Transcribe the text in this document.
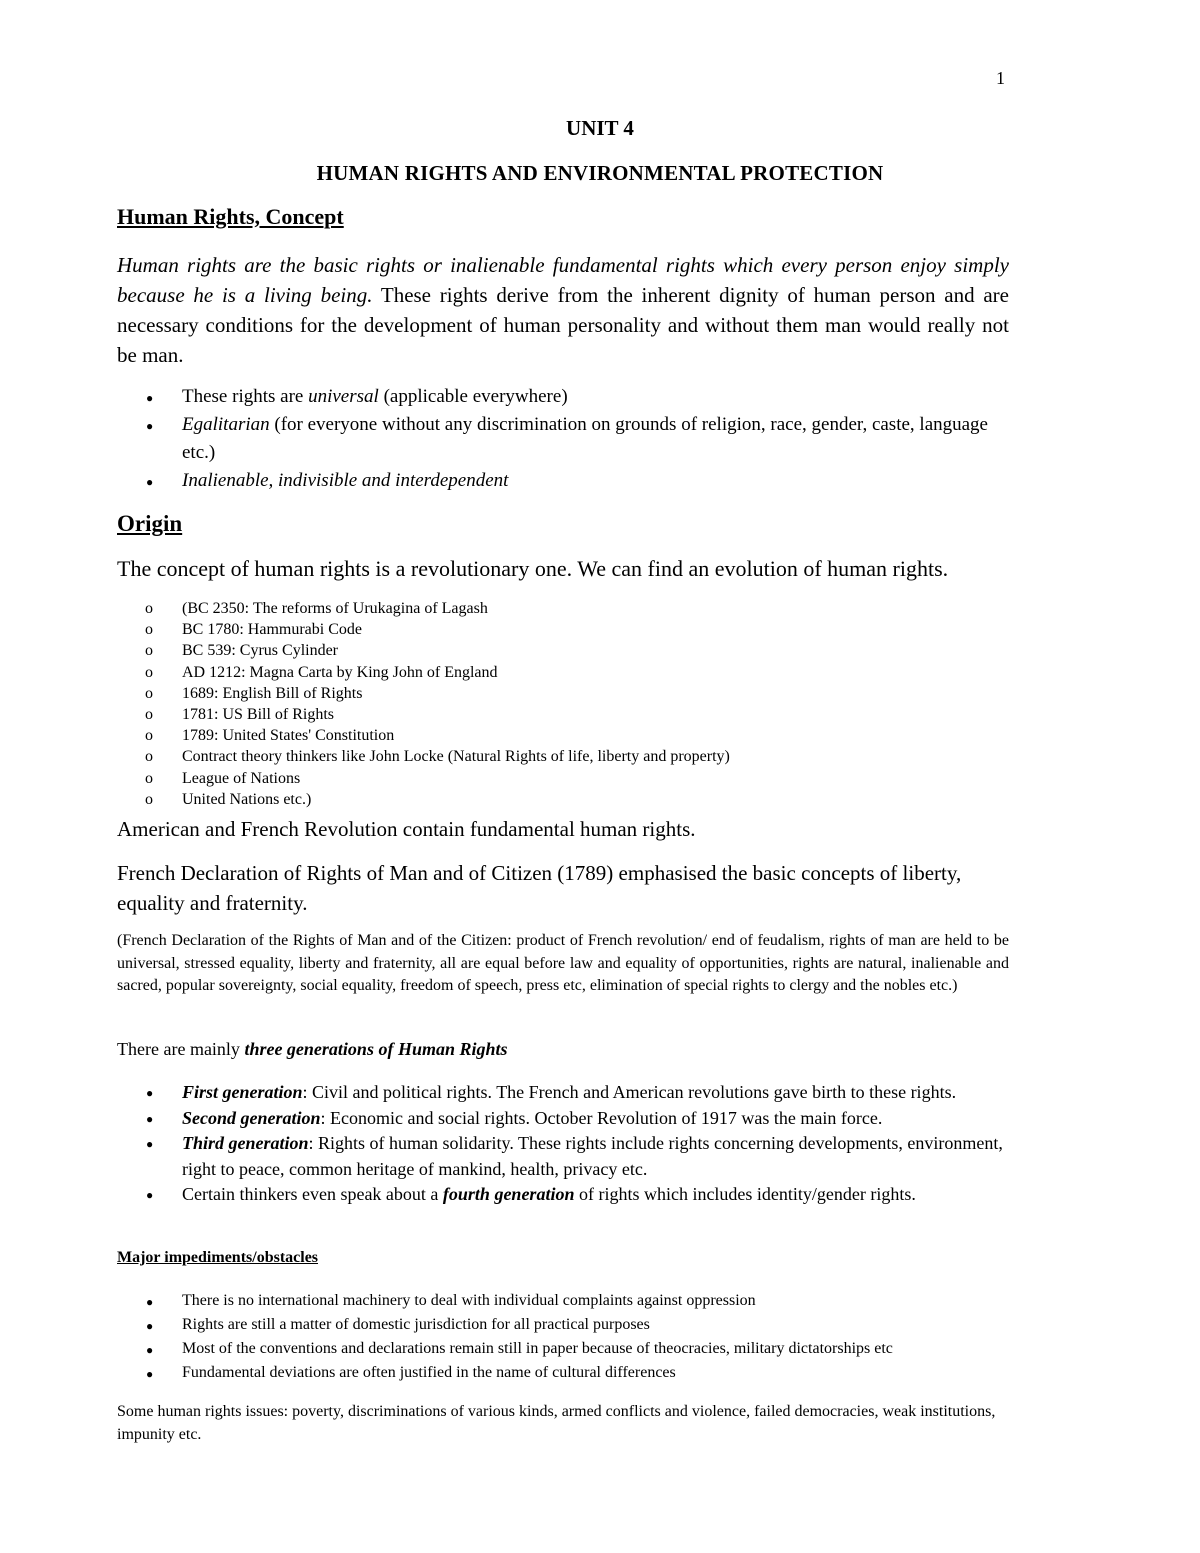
1
UNIT 4
HUMAN RIGHTS AND ENVIRONMENTAL PROTECTION
Human Rights, Concept

Human rights are the basic rights or inalienable fundamental rights which every person enjoy simply because he is a living being. These rights derive from the inherent dignity of human person and are necessary conditions for the development of human personality and without them man would really not be man.

● These rights are universal (applicable everywhere)
● Egalitarian (for everyone without any discrimination on grounds of religion, race, gender, caste, language etc.)
● Inalienable, indivisible and interdependent
Origin
The concept of human rights is a revolutionary one. We can find an evolution of human rights.
o (BC 2350: The reforms of Urukagina of Lagash
o BC 1780: Hammurabi Code
o BC 539: Cyrus Cylinder
o AD 1212: Magna Carta by King John of England
o 1689: English Bill of Rights
o 1781: US Bill of Rights
o 1789: United States' Constitution
o Contract theory thinkers like John Locke (Natural Rights of life, liberty and property)
o League of Nations
o United Nations etc.)

American and French Revolution contain fundamental human rights.

French Declaration of Rights of Man and of Citizen (1789) emphasised the basic concepts of liberty, equality and fraternity.

(French Declaration of the Rights of Man and of the Citizen: product of French revolution/ end of feudalism, rights of man are held to be universal, stressed equality, liberty and fraternity, all are equal before law and equality of opportunities, rights are natural, inalienable and sacred, popular sovereignty, social equality, freedom of speech, press etc, elimination of special rights to clergy and the nobles etc.)

There are mainly three generations of Human Rights

● First generation: Civil and political rights. The French and American revolutions gave birth to these rights.
● Second generation: Economic and social rights. October Revolution of 1917 was the main force.
● Third generation: Rights of human solidarity. These rights include rights concerning developments, environment, right to peace, common heritage of mankind, health, privacy etc.
● Certain thinkers even speak about a fourth generation of rights which includes identity/gender rights.
Major impediments/obstacles
● There is no international machinery to deal with individual complaints against oppression
● Rights are still a matter of domestic jurisdiction for all practical purposes
● Most of the conventions and declarations remain still in paper because of theocracies, military dictatorships etc
● Fundamental deviations are often justified in the name of cultural differences

Some human rights issues: poverty, discriminations of various kinds, armed conflicts and violence, failed democracies, weak institutions, impunity etc.
